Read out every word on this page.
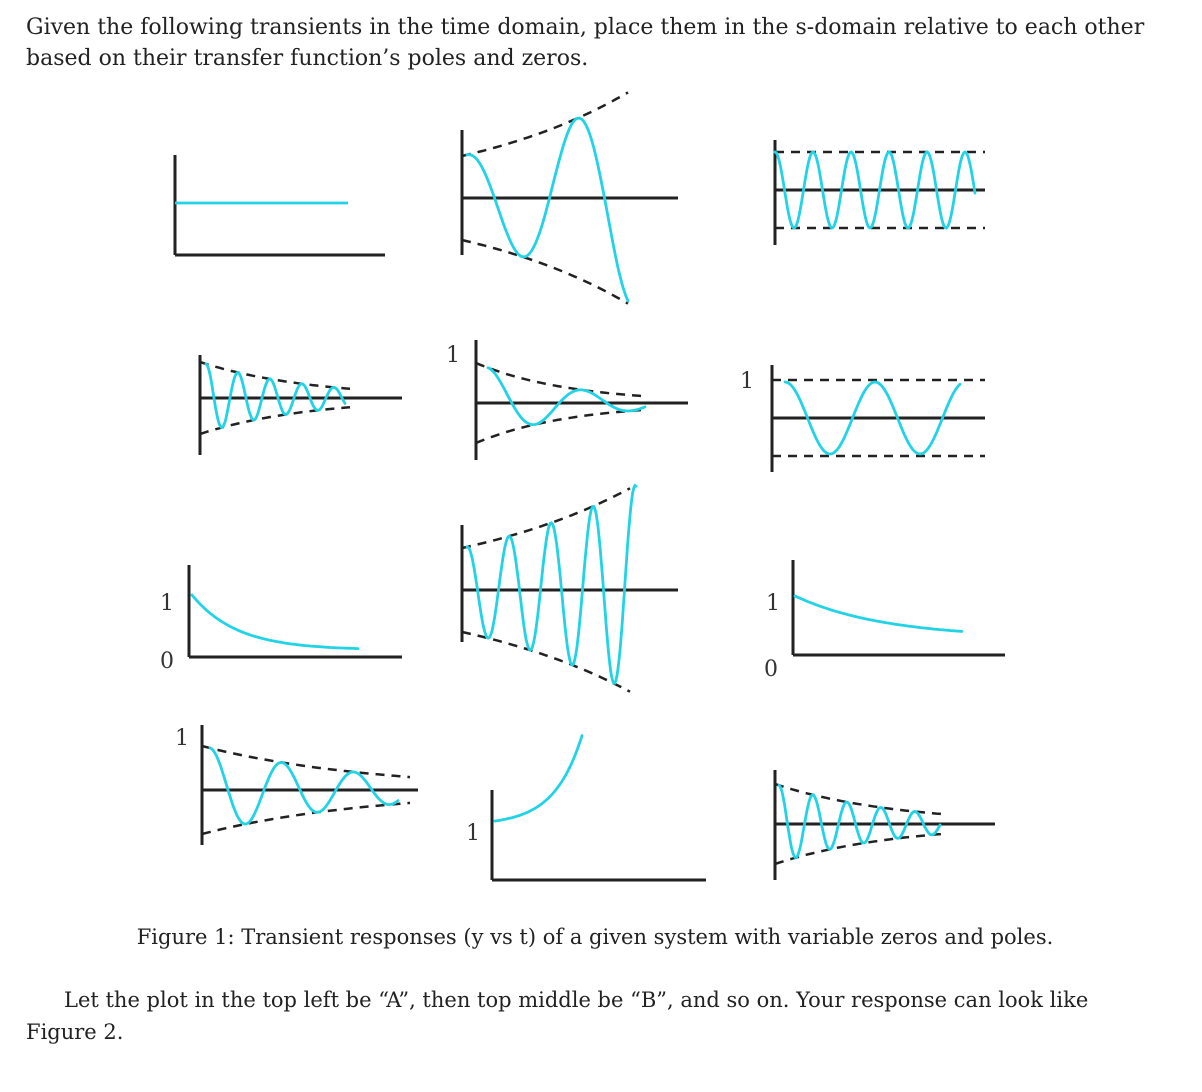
Given the following transients in the time domain, place them in the s-domain relative to each other based on their transfer function’s poles and zeros.

1
1
1
0
1
0
1
1

Figure 1: Transient responses (y vs t) of a given system with variable zeros and poles.

Let the plot in the top left be “A”, then top middle be “B”, and so on. Your response can look like
Figure 2.
